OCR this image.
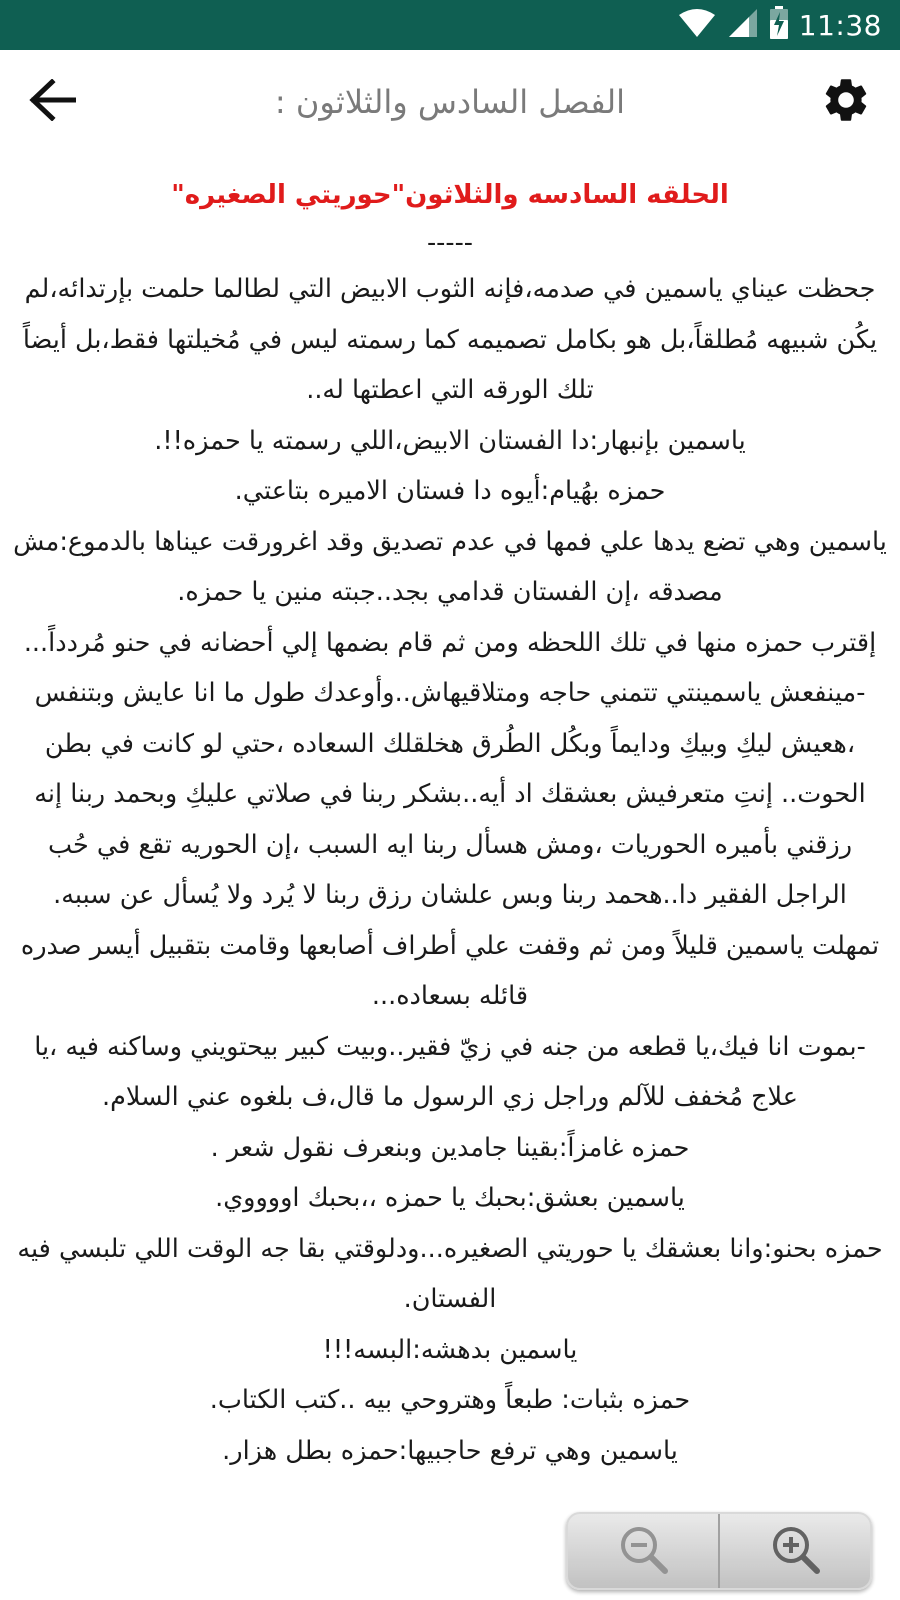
11:38
الفصل السادس والثلاثون :
الحلقه السادسه والثلاثون"حوريتي الصغيره"
-----

جحظت عيناي ياسمين في صدمه،فإنه الثوب الابيض التي لطالما حلمت بإرتدائه،لم يكُن شبيهه مُطلقاً،بل هو بكامل تصميمه كما رسمته ليس في مُخيلتها فقط،بل أيضاً تلك الورقه التي اعطتها له..

ياسمين بإنبهار:دا الفستان الابيض،اللي رسمته يا حمزه!!.

حمزه بهُيام:أيوه دا فستان الاميره بتاعتي.

ياسمين وهي تضع يدها علي فمها في عدم تصديق وقد اغرورقت عيناها بالدموع:مش مصدقه ،إن الفستان قدامي بجد..جبته منين يا حمزه.

إقترب حمزه منها في تلك اللحظه ومن ثم قام بضمها إلي أحضانه في حنو مُردداً...

-مينفعش ياسمينتي تتمني حاجه ومتلاقيهاش..وأوعدك طول ما انا عايش وبتنفس ،هعيش ليكِ وبيكِ ودايماً وبكُل الطُرق هخلقلك السعاده ،حتي لو كانت في بطن الحوت.. إنتِ متعرفيش بعشقك اد أيه..بشكر ربنا في صلاتي عليكِ وبحمد ربنا إنه رزقني بأميره الحوريات ،ومش هسأل ربنا ايه السبب ،إن الحوريه تقع في حُب الراجل الفقير دا..هحمد ربنا وبس علشان رزق ربنا لا يُرد ولا يُسأل عن سببه.

تمهلت ياسمين قليلاً ومن ثم وقفت علي أطراف أصابعها وقامت بتقبيل أيسر صدره قائله بسعاده...

-بموت انا فيك،يا قطعه من جنه في زيّ فقير..وبيت كبير بيحتويني وساكنه فيه ،يا علاج مُخفف للآلم وراجل زي الرسول ما قال،ف بلغوه عني السلام.

حمزه غامزاً:بقينا جامدين وبنعرف نقول شعر .

ياسمين بعشق:بحبك يا حمزه ،،بحبك اووووي.

حمزه بحنو:وانا بعشقك يا حوريتي الصغيره...ودلوقتي بقا جه الوقت اللي تلبسي فيه الفستان.

ياسمين بدهشه:البسه!!!

حمزه بثبات: طبعاً وهتروحي بيه ..كتب الكتاب.

ياسمين وهي ترفع حاجبيها:حمزه بطل هزار.
